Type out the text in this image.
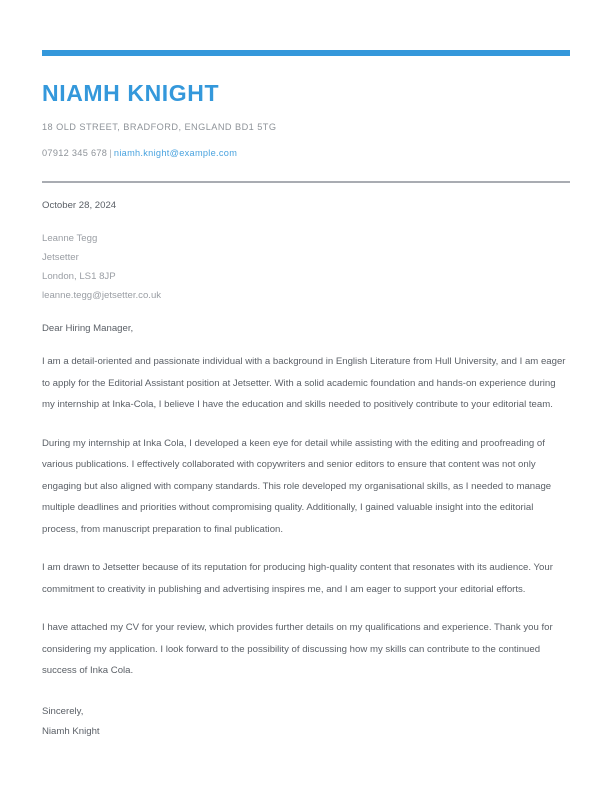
NIAMH KNIGHT
18 OLD STREET, BRADFORD, ENGLAND BD1 5TG
07912 345 678 | niamh.knight@example.com
October 28, 2024
Leanne Tegg
Jetsetter
London, LS1 8JP
leanne.tegg@jetsetter.co.uk
Dear Hiring Manager,
I am a detail-oriented and passionate individual with a background in English Literature from Hull University, and I am eager to apply for the Editorial Assistant position at Jetsetter. With a solid academic foundation and hands-on experience during my internship at Inka-Cola, I believe I have the education and skills needed to positively contribute to your editorial team.
During my internship at Inka Cola, I developed a keen eye for detail while assisting with the editing and proofreading of various publications. I effectively collaborated with copywriters and senior editors to ensure that content was not only engaging but also aligned with company standards. This role developed my organisational skills, as I needed to manage multiple deadlines and priorities without compromising quality. Additionally, I gained valuable insight into the editorial process, from manuscript preparation to final publication.
I am drawn to Jetsetter because of its reputation for producing high-quality content that resonates with its audience. Your commitment to creativity in publishing and advertising inspires me, and I am eager to support your editorial efforts.
I have attached my CV for your review, which provides further details on my qualifications and experience. Thank you for considering my application. I look forward to the possibility of discussing how my skills can contribute to the continued success of Inka Cola.
Sincerely,
Niamh Knight
